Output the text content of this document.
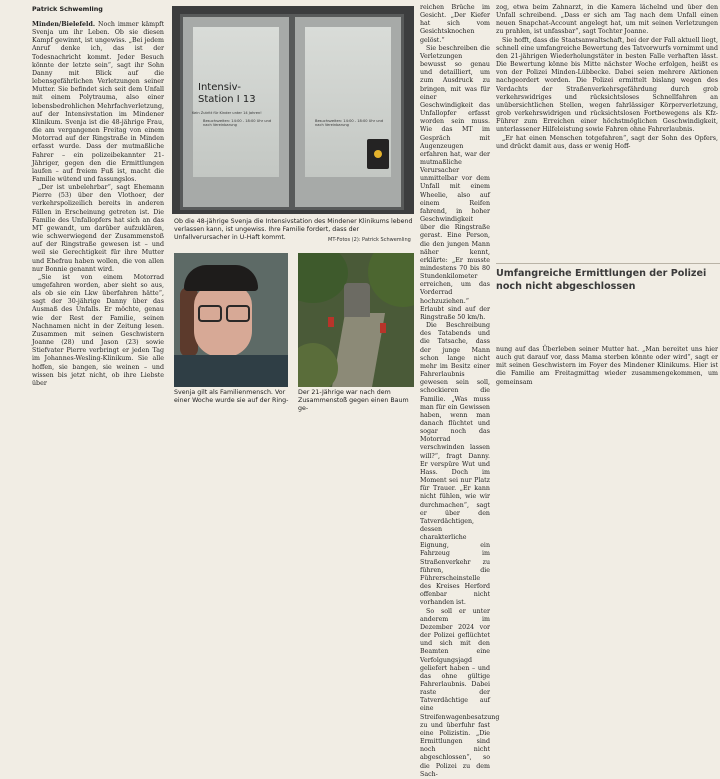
Patrick Schwemling

Minden/Bielefeld. Noch immer kämpft Svenja um ihr Leben. Ob sie diesen Kampf gewinnt, ist ungewiss. „Bei jedem Anruf denke ich, das ist der Todesnachricht kommt. Jeder Besuch könnte der letzte sein“, sagt ihr Sohn Danny mit Blick auf die lebensgefährlichen Verletzungen seiner Mutter. Sie befindet sich seit dem Unfall mit einem Polytrauma, also einer lebensbedrohlichen Mehrfachverletzung, auf der Intensivstation im Mindener Klinikum. Svenja ist die 48-jährige Frau, die am vergangenen Freitag von einem Motorrad auf der Ringstraße in Minden erfasst wurde. Dass der mutmaßliche Fahrer – ein polizeibekannter 21-Jähriger, gegen den die Ermittlungen laufen – auf freiem Fuß ist, macht die Familie wütend und fassungslos.

„Der ist unbelehrbar“, sagt Ehemann Pierre (53) über den Vlothoer, der verkehrspolizeilich bereits in anderen Fällen in Erscheinung getreten ist. Die Familie des Unfallopfers hat sich an das MT gewandt, um darüber aufzuklären, wie schwerwiegend der Zusammenstoß auf der Ringstraße gewesen ist – und weil sie Gerechtigkeit für ihre Mutter und Ehefrau haben wollen, die von allen nur Bonnie genannt wird.

„Sie ist von einem Motorrad umgefahren worden, aber sieht so aus, als ob sie ein Lkw überfahren hätte“, sagt der 30-jährige Danny über das Ausmaß des Unfalls. Er möchte, genau wie der Rest der Familie, seinen Nachnamen nicht in der Zeitung lesen. Zusammen mit seinen Geschwistern Joanne (28) und Jason (23) sowie Stiefvater Pierre verbringt er jeden Tag im Johannes-Wesling-Klinikum. Sie alle hoffen, sie bangen, sie weinen – und wissen bis jetzt nicht, ob ihre Liebste über

Besuchszeiten: 14:00 - 18:00 Uhr und nach Vereinbarung
Besuchszeiten: 14:00 - 18:00 Uhr und nach Vereinbarung
Intensiv-
Station I 13
Kein Zutritt für Kinder unter 14 Jahren!

Ob die 48-jährige Svenja die Intensivstation des Mindener Klinikums lebend verlassen kann, ist ungewiss. Ihre Familie fordert, dass der Unfallverursacher in U-Haft kommt.	MT-Fotos (2): Patrick Schwemling

Svenja gilt als Familienmensch. Vor einer Woche wurde sie auf der Ring-

Der 21-Jährige war nach dem Zusammenstoß gegen einen Baum ge-

reichen Brüche im Gesicht. „Der Kiefer hat sich vom Gesichtsknochen gelöst.“

Sie beschreiben die Verletzungen bewusst so genau und detailliert, um zum Ausdruck zu bringen, mit was für einer Geschwindigkeit das Unfallopfer erfasst worden sein muss. Wie das MT im Gespräch mit Augenzeugen erfahren hat, war der mutmaßliche Verursacher unmittelbar vor dem Unfall mit einem Wheelie, also auf einem Reifen fahrend, in hoher Geschwindigkeit über die Ringstraße gerast. Eine Person, die den jungen Mann näher kennt, erklärte: „Er musste mindestens 70 bis 80 Stundenkilometer erreichen, um das Vorderrad hochzuziehen.“ Erlaubt sind auf der Ringstraße 50 km/h.

Die Beschreibung des Tatabends und die Tatsache, dass der junge Mann schon lange nicht mehr im Besitz einer Fahrerlaubnis gewesen sein soll, schockieren die Familie. „Was muss man für ein Gewissen haben, wenn man danach flüchtet und sogar noch das Motorrad verschwinden lassen will?“, fragt Danny. Er verspüre Wut und Hass. Doch im Moment sei nur Platz für Trauer. „Er kann nicht fühlen, wie wir durchmachen“, sagt er über den Tatverdächtigen, dessen charakterliche Eignung, ein Fahrzeug im Straßenverkehr zu führen, die Führerscheinstelle des Kreises Herford offenbar nicht vorhanden ist.

So soll er unter anderem im Dezember 2024 vor der Polizei geflüchtet und sich mit den Beamten eine Verfolgungsjagd geliefert haben – und das ohne gültige Fahrerlaubnis. Dabei raste der Tatverdächtige auf eine Streifenwagenbesatzung zu und überfuhr fast eine Polizistin. „Die Ermittlungen sind noch nicht abgeschlossen“, so die Polizei zu dem Sach-

zog, etwa beim Zahnarzt, in die Kamera lächelnd und über den Unfall schreibend. „Dass er sich am Tag nach dem Unfall einen neuen Snapchat-Account angelegt hat, um mit seinen Verletzungen zu prahlen, ist unfassbar“, sagt Tochter Joanne.

Sie hofft, dass die Staatsanwaltschaft, bei der der Fall aktuell liegt, schnell eine umfangreiche Bewertung des Tatvorwurfs vornimmt und den 21-jährigen Wiederholungstäter in besten Falle verhaften lässt. Die Bewertung könne bis Mitte nächster Woche erfolgen, heißt es von der Polizei Minden-Lübbecke. Dabei seien mehrere Aktionen nachgeordert worden. Die Polizei ermittelt bislang wegen des Verdachts der Straßenverkehrsgefährdung durch grob verkehrswidriges und rücksichtsloses Schnellfahren an unübersichtlichen Stellen, wegen fahrlässiger Körperverletzung, grob verkehrswidrigen und rücksichtslosen Fortbewegens als Kfz-Führer zum Erreichen einer höchstmöglichen Geschwindigkeit, unterlassener Hilfeleistung sowie Fahren ohne Fahrerlaubnis.

„Er hat einen Menschen totgefahren“, sagt der Sohn des Opfers, und drückt damit aus, dass er wenig Hoff-

Umfangreiche Ermittlungen der Polizei noch nicht abgeschlossen

nung auf das Überleben seiner Mutter hat. „Man bereitet uns hier auch gut darauf vor, dass Mama sterben könnte oder wird“, sagt er mit seinen Geschwistern im Foyer des Mindener Klinikums. Hier ist die Familie am Freitagmittag wieder zusammengekommen, um gemeinsam
